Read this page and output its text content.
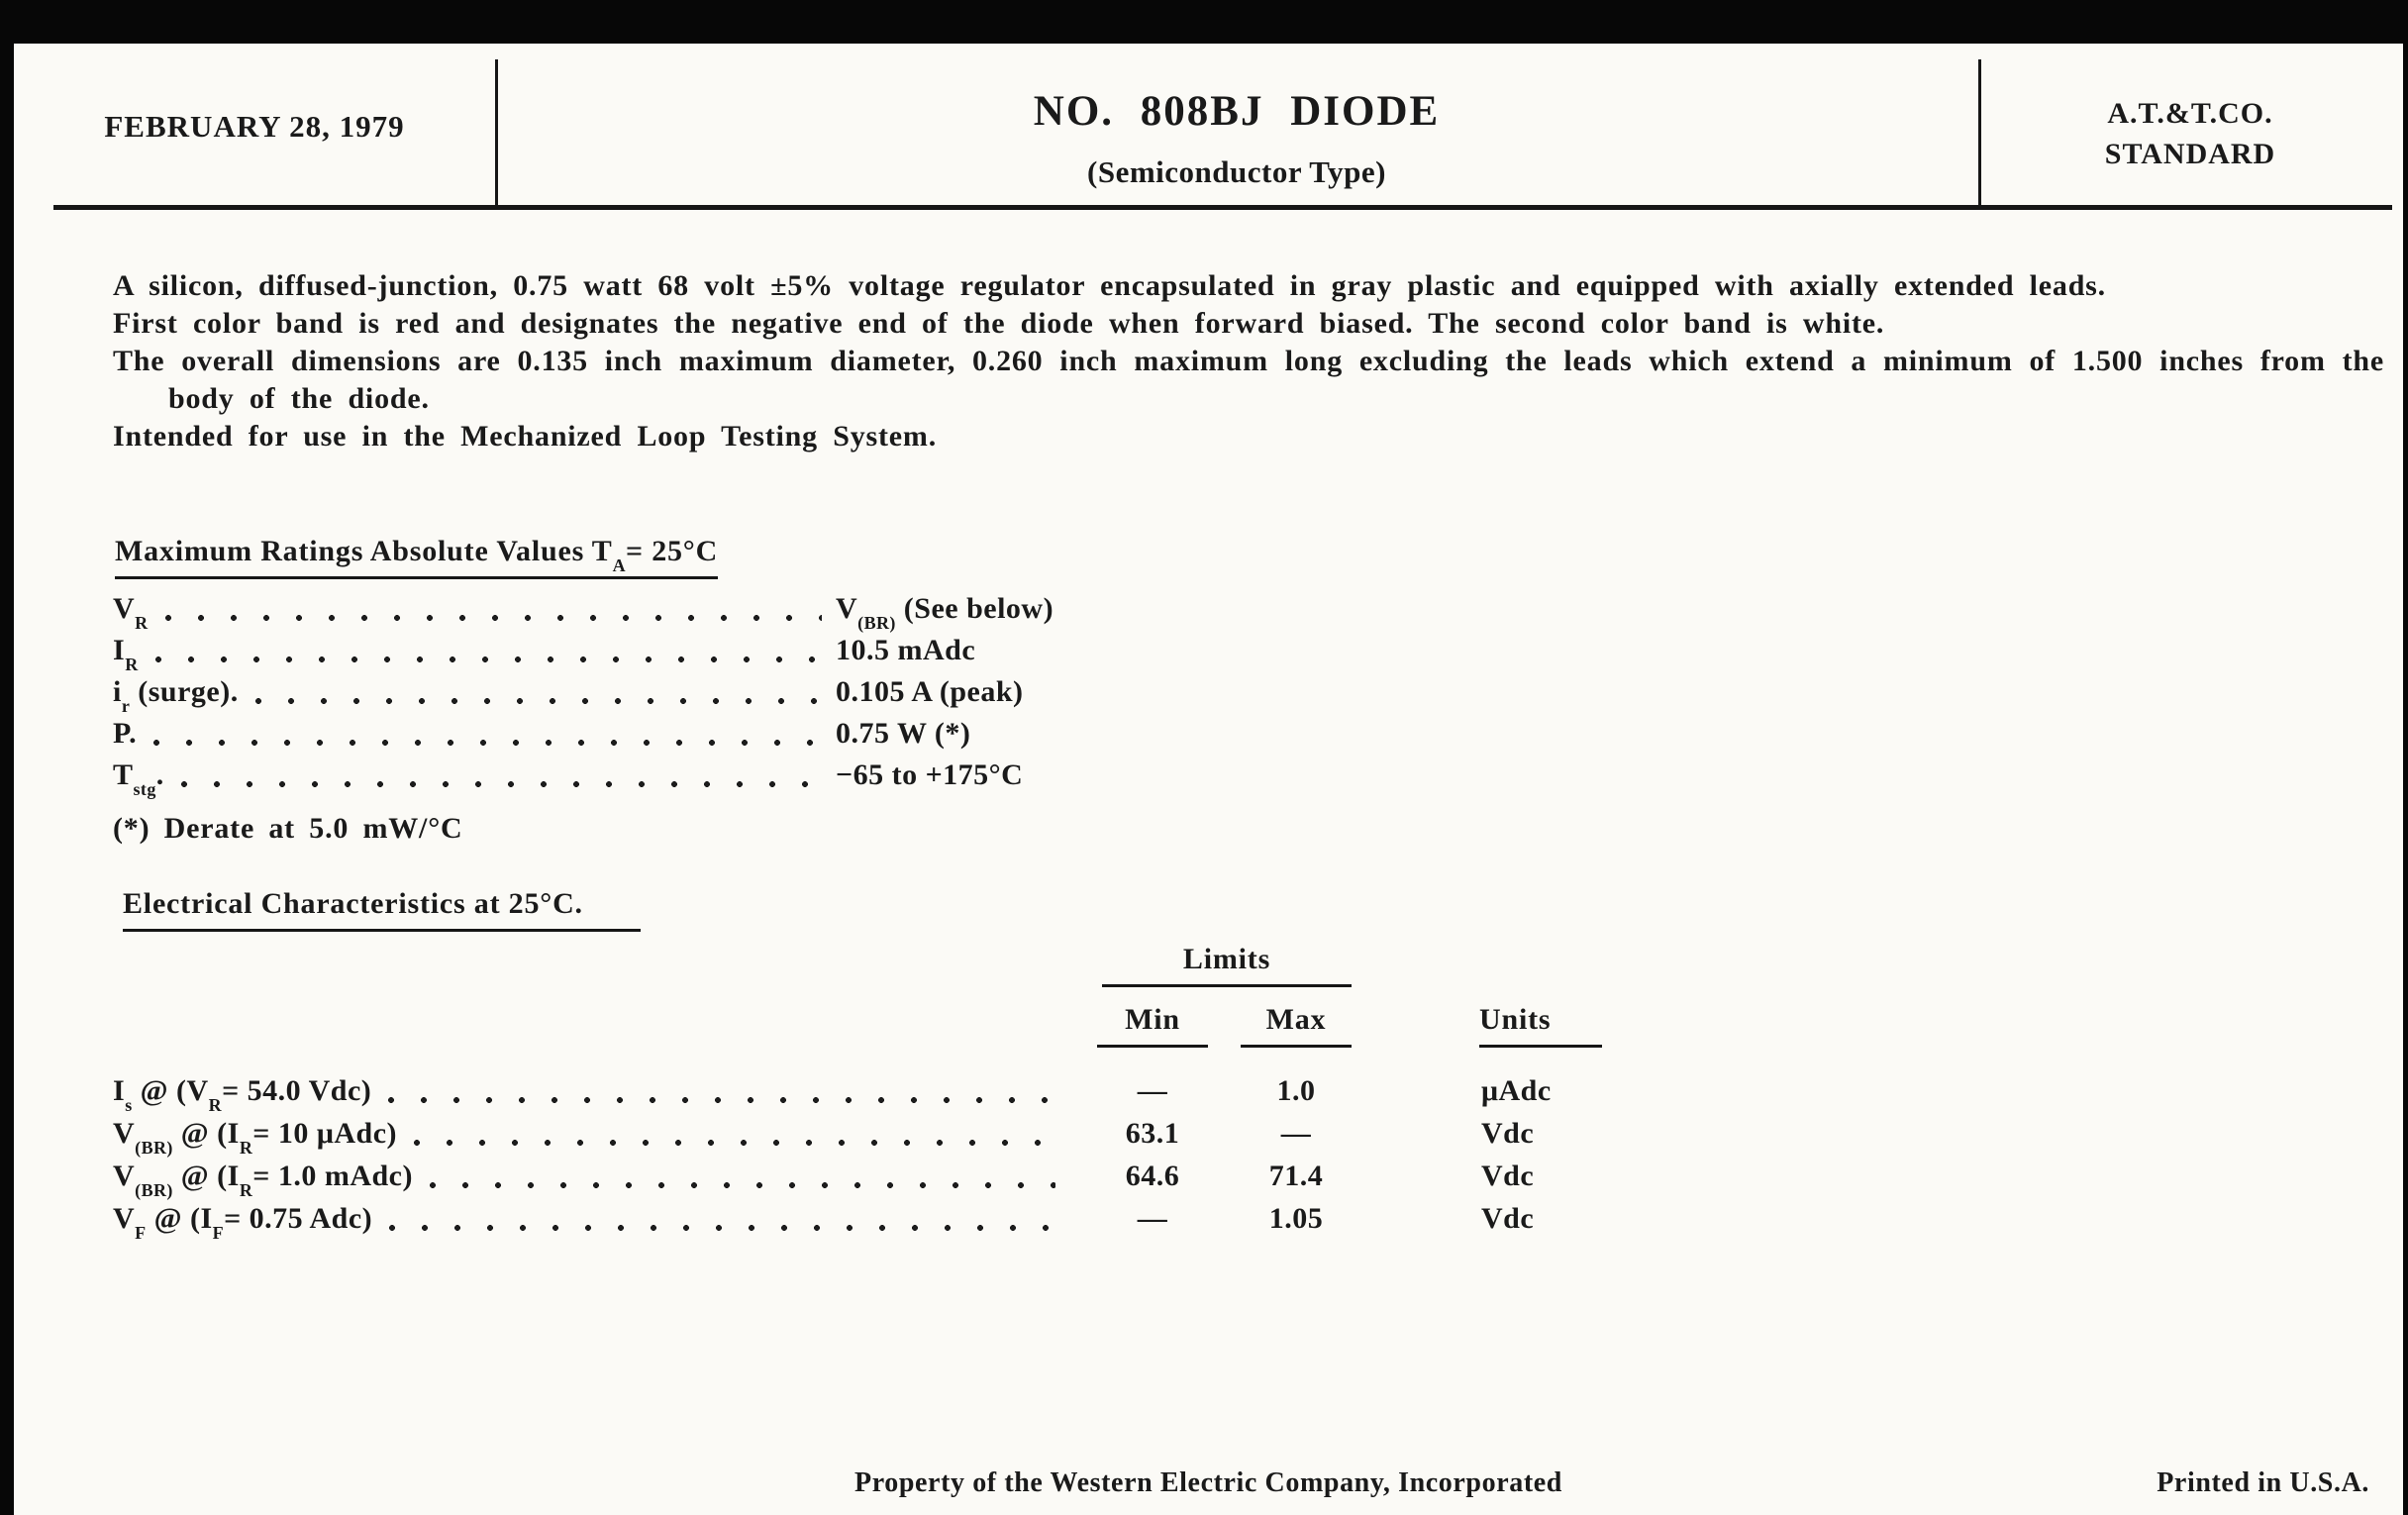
FEBRUARY 28, 1979	NO. 808BJ DIODE
(Semiconductor Type)
A.T.&T.CO.
STANDARD

A silicon, diffused-junction, 0.75 watt 68 volt ±5% voltage regulator encapsulated in gray plastic and equipped with axially extended leads.

First color band is red and designates the negative end of the diode when forward biased. The second color band is white.

The overall dimensions are 0.135 inch maximum diameter, 0.260 inch maximum long excluding the leads which extend a minimum of 1.500 inches from the body of the diode.

Intended for use in the Mechanized Loop Testing System.

Maximum Ratings Absolute Values $T_A= 25^\circ C$
$V_R$	$V_{(BR)}$ (See below)
$I_R$	10.5 mAdc
$i_r$ (surge).	0.105 A (peak)
P.	0.75 W (*)
$T_{stg}$.	−65 to +175°C
(*) Derate at 5.0 mW/°C
Electrical Characteristics at 25°C.
Limits
Min	Max	Units
$I_s$ @ ($V_R= 54.0$ Vdc)	—	1.0	μAdc
$V_{(BR)}$ @ ($I_R= 10$ μAdc)	63.1	—	Vdc
$V_{(BR)}$ @ ($I_R= 1.0$ mAdc)	64.6	71.4	Vdc
$V_F$ @ ($I_F= 0.75$ Adc)	—	1.05	Vdc
Property of the Western Electric Company, Incorporated	Printed in U.S.A.
